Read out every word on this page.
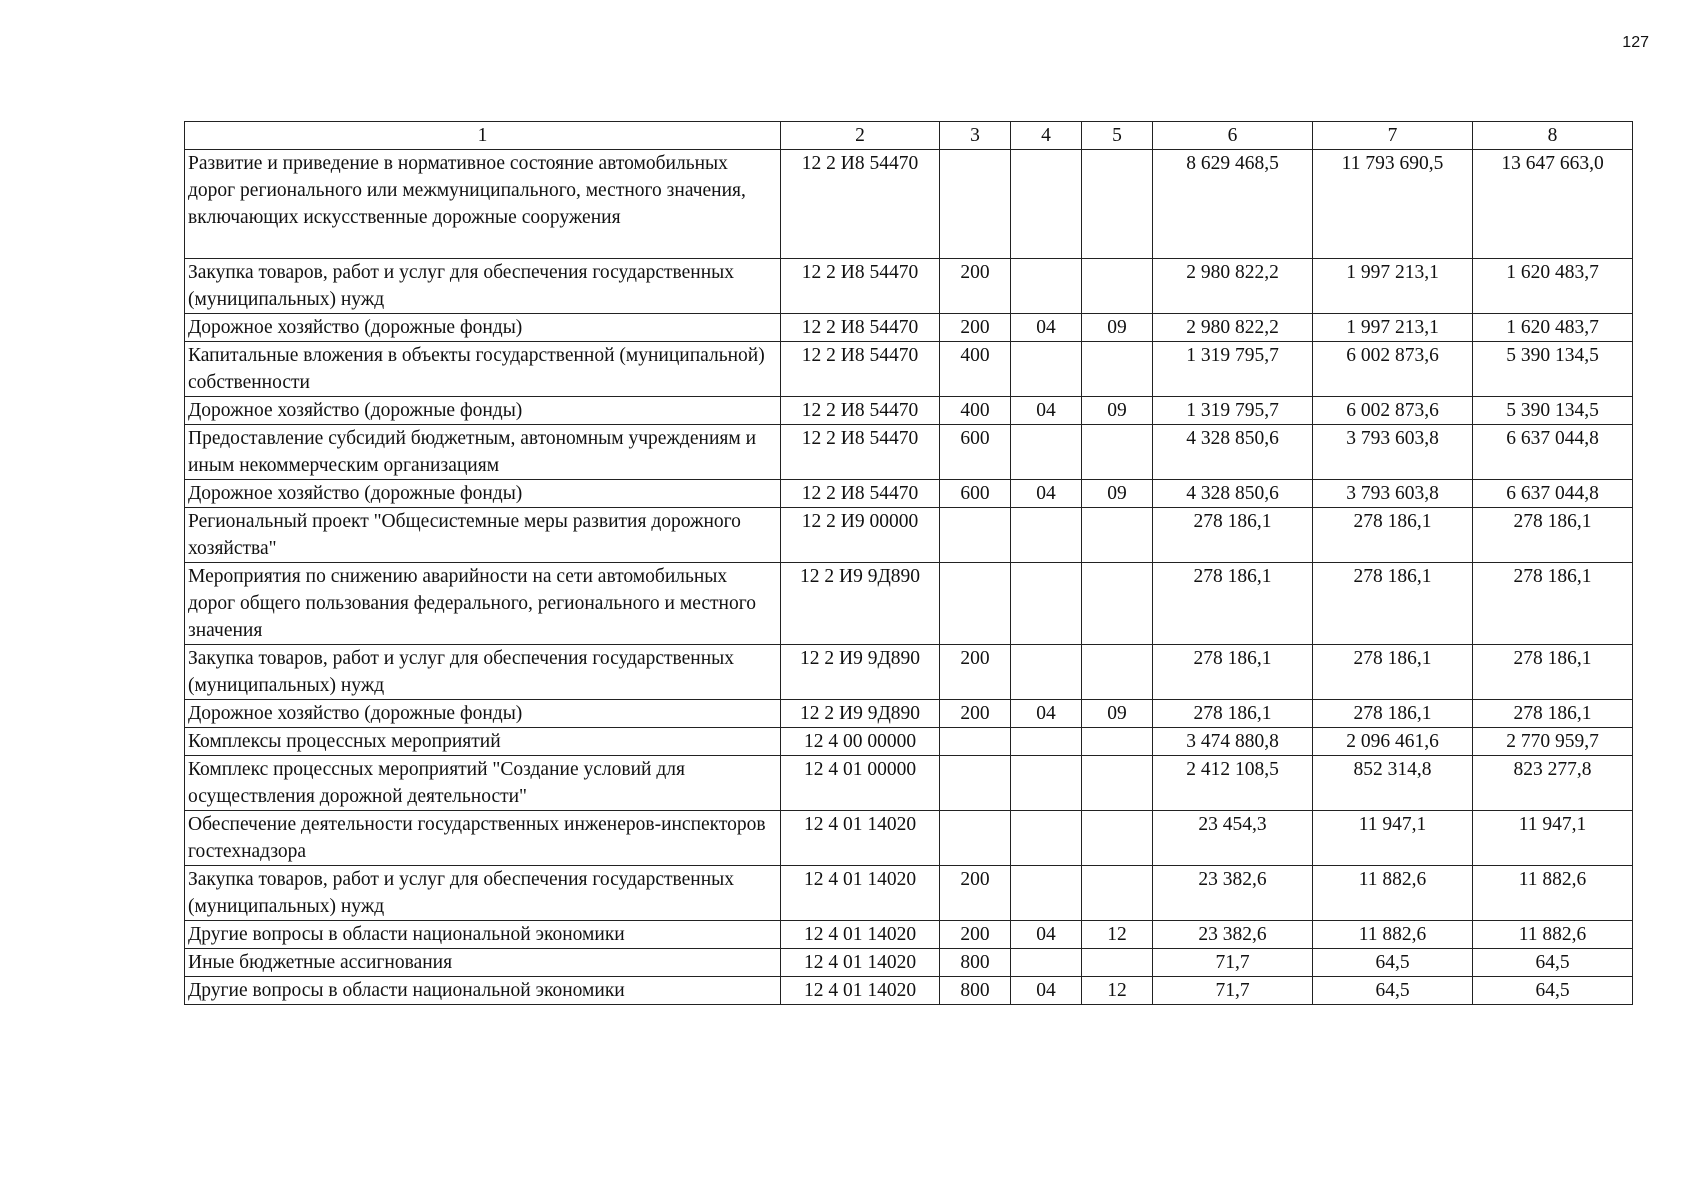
127
1	2	3	4	5	6	7	8
Развитие и приведение в нормативное состояние автомобильных дорог регионального или межмуниципального, местного значения, включающих искусственные дорожные сооружения	12 2 И8 54470				8 629 468,5	11 793 690,5	13 647 663,0
Закупка товаров, работ и услуг для обеспечения государственных (муниципальных) нужд	12 2 И8 54470	200			2 980 822,2	1 997 213,1	1 620 483,7
Дорожное хозяйство (дорожные фонды)	12 2 И8 54470	200	04	09	2 980 822,2	1 997 213,1	1 620 483,7
Капитальные вложения в объекты государственной (муниципальной) собственности	12 2 И8 54470	400			1 319 795,7	6 002 873,6	5 390 134,5
Дорожное хозяйство (дорожные фонды)	12 2 И8 54470	400	04	09	1 319 795,7	6 002 873,6	5 390 134,5
Предоставление субсидий бюджетным, автономным учреждениям и иным некоммерческим организациям	12 2 И8 54470	600			4 328 850,6	3 793 603,8	6 637 044,8
Дорожное хозяйство (дорожные фонды)	12 2 И8 54470	600	04	09	4 328 850,6	3 793 603,8	6 637 044,8
Региональный проект "Общесистемные меры развития дорожного хозяйства"	12 2 И9 00000				278 186,1	278 186,1	278 186,1
Мероприятия по снижению аварийности на сети автомобильных дорог общего пользования федерального, регионального и местного значения	12 2 И9 9Д890				278 186,1	278 186,1	278 186,1
Закупка товаров, работ и услуг для обеспечения государственных (муниципальных) нужд	12 2 И9 9Д890	200			278 186,1	278 186,1	278 186,1
Дорожное хозяйство (дорожные фонды)	12 2 И9 9Д890	200	04	09	278 186,1	278 186,1	278 186,1
Комплексы процессных мероприятий	12 4 00 00000				3 474 880,8	2 096 461,6	2 770 959,7
Комплекс процессных мероприятий "Создание условий для осуществления дорожной деятельности"	12 4 01 00000				2 412 108,5	852 314,8	823 277,8
Обеспечение деятельности государственных инженеров-инспекторов гостехнадзора	12 4 01 14020				23 454,3	11 947,1	11 947,1
Закупка товаров, работ и услуг для обеспечения государственных (муниципальных) нужд	12 4 01 14020	200			23 382,6	11 882,6	11 882,6
Другие вопросы в области национальной экономики	12 4 01 14020	200	04	12	23 382,6	11 882,6	11 882,6
Иные бюджетные ассигнования	12 4 01 14020	800			71,7	64,5	64,5
Другие вопросы в области национальной экономики	12 4 01 14020	800	04	12	71,7	64,5	64,5
